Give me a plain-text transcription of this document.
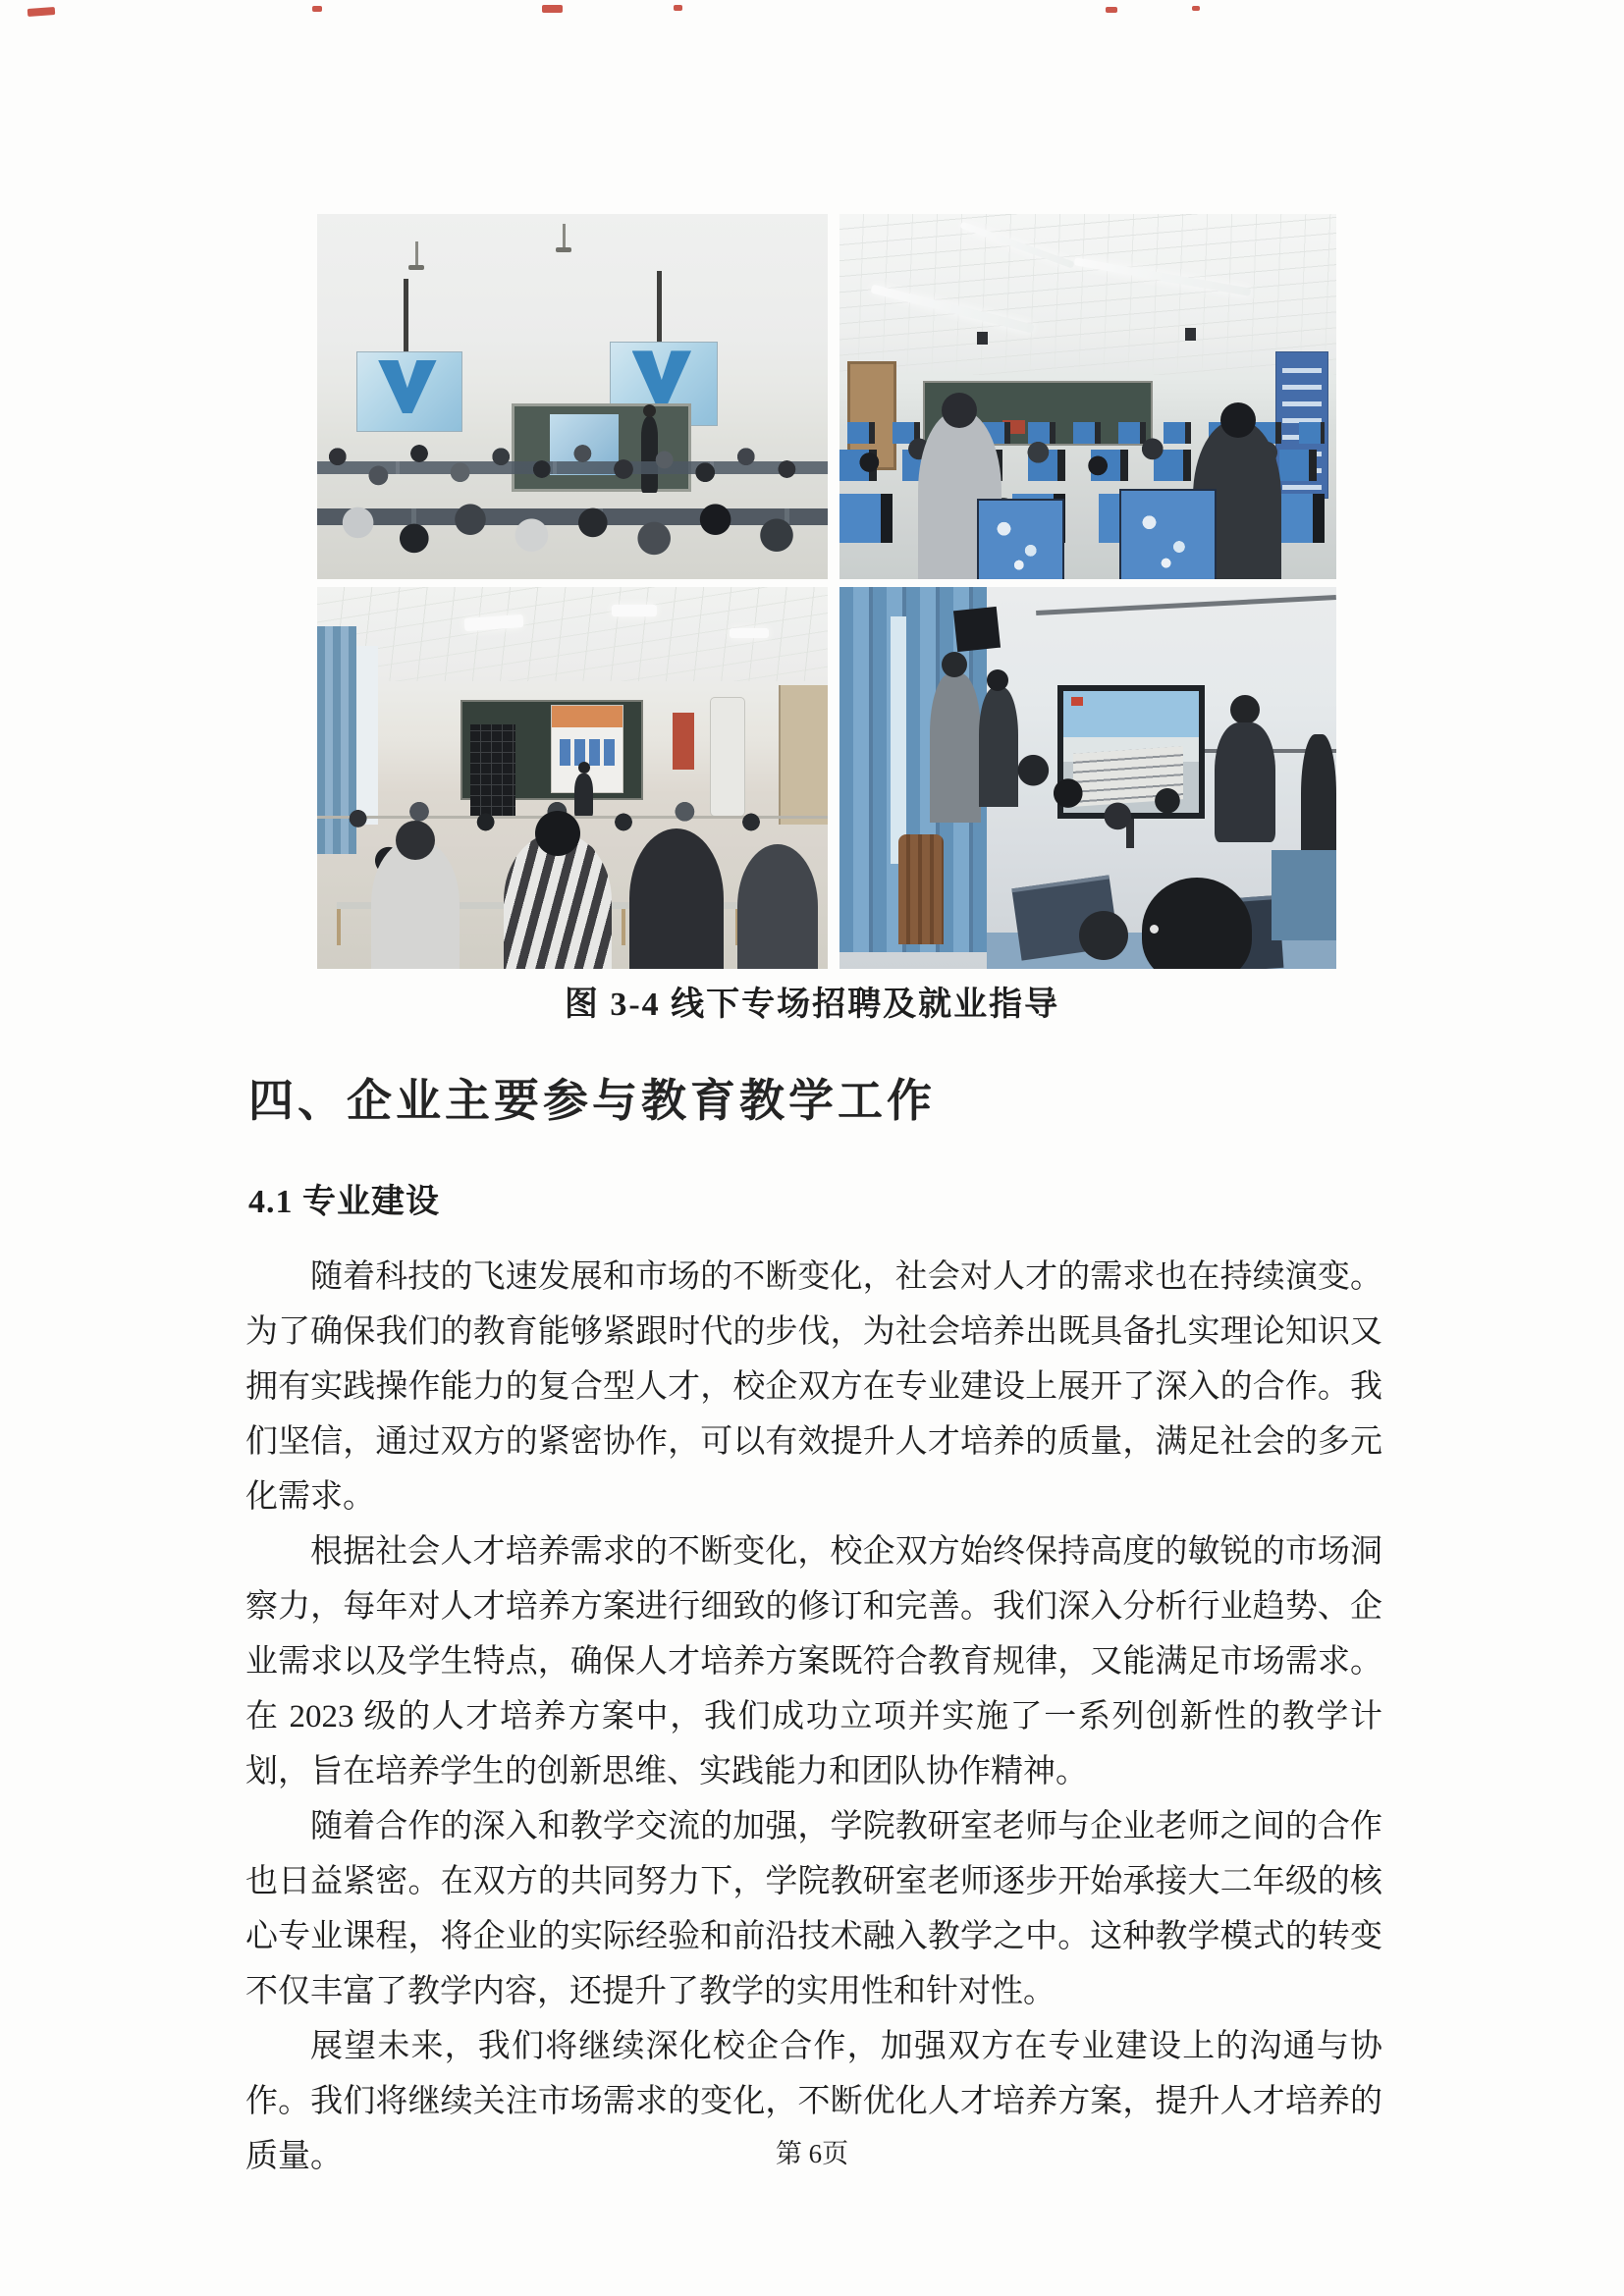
图 3-4 线下专场招聘及就业指导
四、企业主要参与教育教学工作
4.1 专业建设

随着科技的飞速发展和市场的不断变化，社会对人才的需求也在持续演变。为了确保我们的教育能够紧跟时代的步伐，为社会培养出既具备扎实理论知识又拥有实践操作能力的复合型人才，校企双方在专业建设上展开了深入的合作。我们坚信，通过双方的紧密协作，可以有效提升人才培养的质量，满足社会的多元化需求。

根据社会人才培养需求的不断变化，校企双方始终保持高度的敏锐的市场洞察力，每年对人才培养方案进行细致的修订和完善。我们深入分析行业趋势、企业需求以及学生特点，确保人才培养方案既符合教育规律，又能满足市场需求。在 2023 级的人才培养方案中，我们成功立项并实施了一系列创新性的教学计划，旨在培养学生的创新思维、实践能力和团队协作精神。

随着合作的深入和教学交流的加强，学院教研室老师与企业老师之间的合作也日益紧密。在双方的共同努力下，学院教研室老师逐步开始承接大二年级的核心专业课程，将企业的实际经验和前沿技术融入教学之中。这种教学模式的转变不仅丰富了教学内容，还提升了教学的实用性和针对性。

展望未来，我们将继续深化校企合作，加强双方在专业建设上的沟通与协作。我们将继续关注市场需求的变化，不断优化人才培养方案，提升人才培养的质量。	第 6页
